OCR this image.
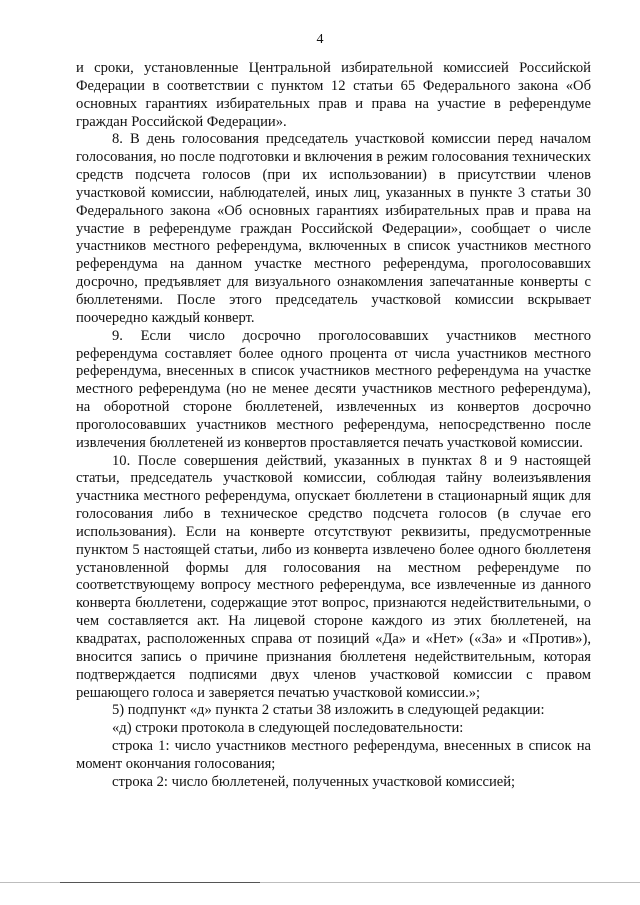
4

и сроки, установленные Центральной избирательной комиссией Российской Федерации в соответствии с пунктом 12 статьи 65 Федерального закона «Об основных гарантиях избирательных прав и права на участие в референдуме граждан Российской Федерации».

8. В день голосования председатель участковой комиссии перед началом голосования, но после подготовки и включения в режим голосования технических средств подсчета голосов (при их использовании) в присутствии членов участковой комиссии, наблюдателей, иных лиц, указанных в пункте 3 статьи 30 Федерального закона «Об основных гарантиях избирательных прав и права на участие в референдуме граждан Российской Федерации», сообщает о числе участников местного референдума, включенных в список участников местного референдума на данном участке местного референдума, проголосовавших досрочно, предъявляет для визуального ознакомления запечатанные конверты с бюллетенями. После этого председатель участковой комиссии вскрывает поочередно каждый конверт.

9. Если число досрочно проголосовавших участников местного референдума составляет более одного процента от числа участников местного референдума, внесенных в список участников местного референдума на участке местного референдума (но не менее десяти участников местного референдума), на оборотной стороне бюллетеней, извлеченных из конвертов досрочно проголосовавших участников местного референдума, непосредственно после извлечения бюллетеней из конвертов проставляется печать участковой комиссии.

10. После совершения действий, указанных в пунктах 8 и 9 настоящей статьи, председатель участковой комиссии, соблюдая тайну волеизъявления участника местного референдума, опускает бюллетени в стационарный ящик для голосования либо в техническое средство подсчета голосов (в случае его использования). Если на конверте отсутствуют реквизиты, предусмотренные пунктом 5 настоящей статьи, либо из конверта извлечено более одного бюллетеня установленной формы для голосования на местном референдуме по соответствующему вопросу местного референдума, все извлеченные из данного конверта бюллетени, содержащие этот вопрос, признаются недействительными, о чем составляется акт. На лицевой стороне каждого из этих бюллетеней, на квадратах, расположенных справа от позиций «Да» и «Нет» («За» и «Против»), вносится запись о причине признания бюллетеня недействительным, которая подтверждается подписями двух членов участковой комиссии с правом решающего голоса и заверяется печатью участковой комиссии.»;

5) подпункт «д» пункта 2 статьи 38 изложить в следующей редакции:

«д) строки протокола в следующей последовательности:

строка 1: число участников местного референдума, внесенных в список на момент окончания голосования;

строка 2: число бюллетеней, полученных участковой комиссией;
